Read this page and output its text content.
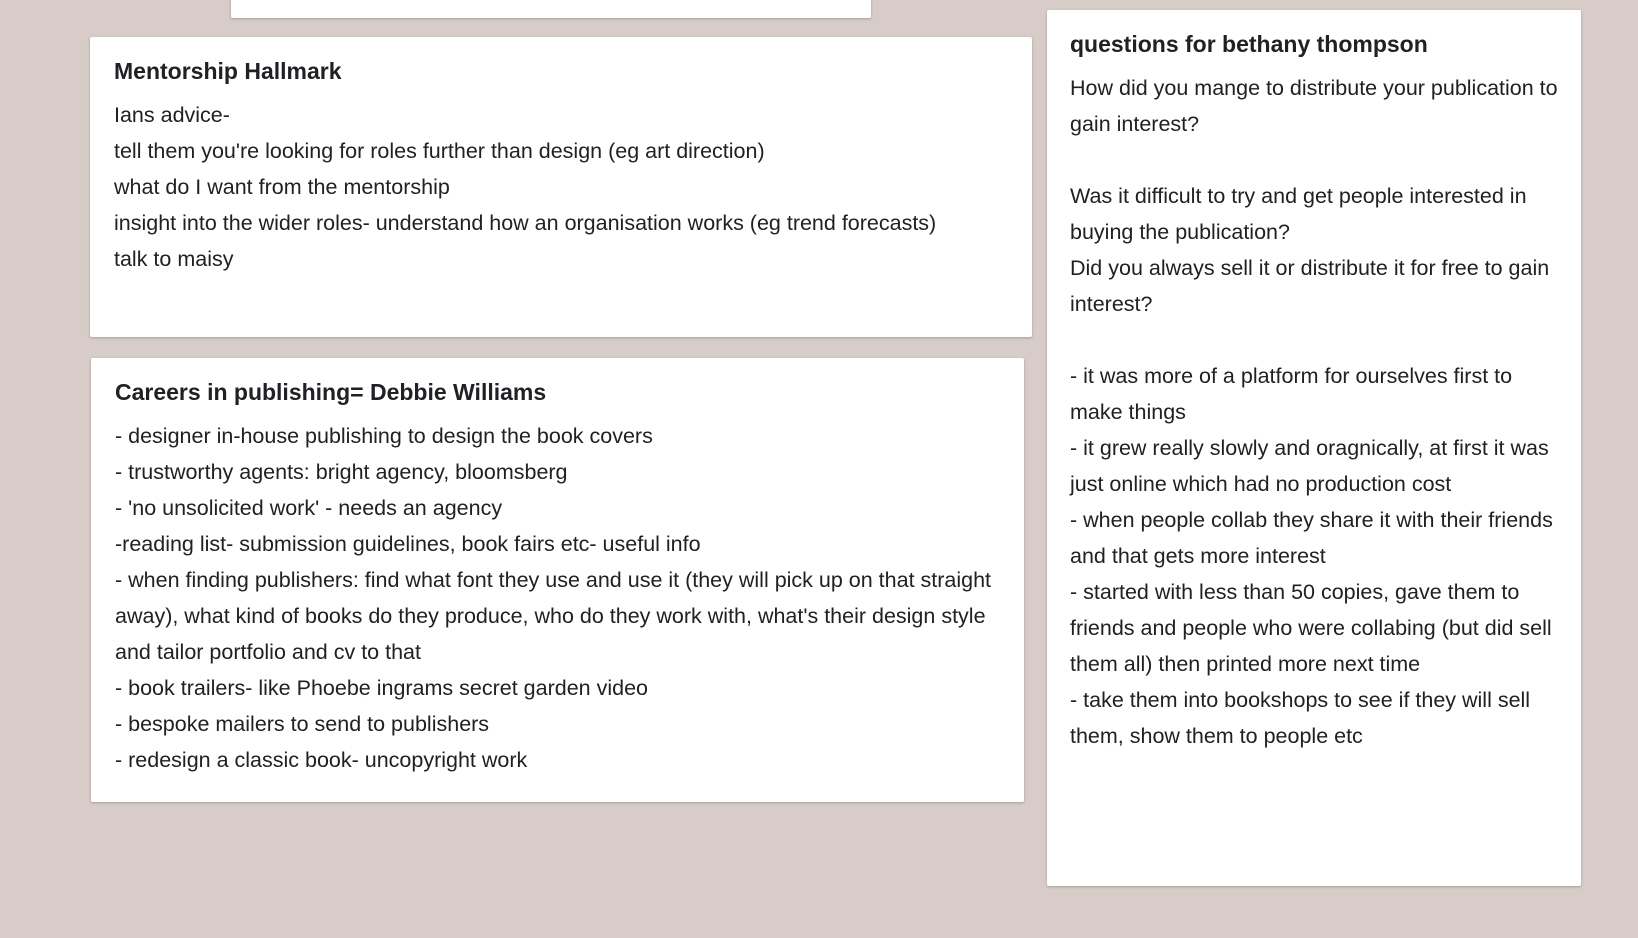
Mentorship Hallmark
Ians advice-
tell them you're looking for roles further than design (eg art direction)
what do I want from the mentorship
insight into the wider roles- understand how an organisation works (eg trend forecasts)
talk to maisy
Careers in publishing= Debbie Williams
- designer in-house publishing to design the book covers
- trustworthy agents: bright agency, bloomsberg
- 'no unsolicited work' - needs an agency
-reading list- submission guidelines, book fairs etc- useful info
- when finding publishers: find what font they use and use it (they will pick up on that straight away), what kind of books do they produce, who do they work with, what's their design style and tailor portfolio and cv to that
- book trailers- like Phoebe ingrams secret garden video
- bespoke mailers to send to publishers
- redesign a classic book- uncopyright work
questions for bethany thompson
How did you mange to distribute your publication to gain interest?

Was it difficult to try and get people interested in buying the publication?
Did you always sell it or distribute it for free to gain interest?

- it was more of a platform for ourselves first to make things
- it grew really slowly and oragnically, at first it was just online which had no production cost
- when people collab they share it with their friends and that gets more interest
- started with less than 50 copies, gave them to friends and people who were collabing (but did sell them all) then printed more next time
- take them into bookshops to see if they will sell them, show them to people etc
